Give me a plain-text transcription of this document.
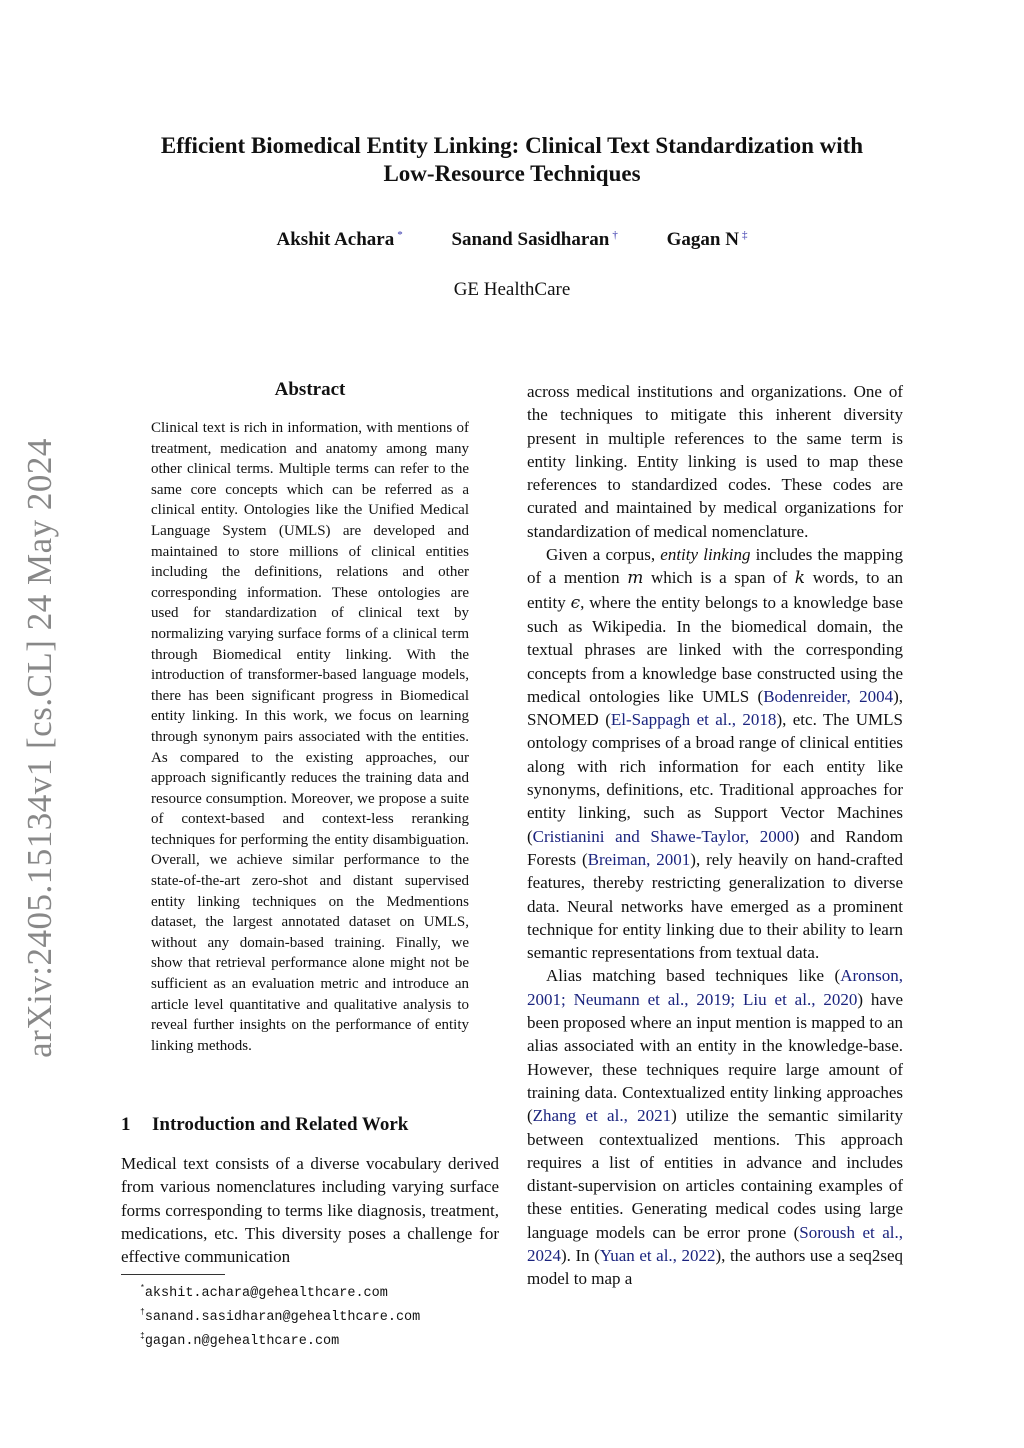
arXiv:2405.15134v1 [cs.CL] 24 May 2024
Efficient Biomedical Entity Linking: Clinical Text Standardization with
Low-Resource Techniques
Akshit Achara *	Sanand Sasidharan †	Gagan N ‡
GE HealthCare
Abstract
Clinical text is rich in information, with mentions of treatment, medication and anatomy among many other clinical terms. Multiple terms can refer to the same core concepts which can be referred as a clinical entity. Ontologies like the Unified Medical Language System (UMLS) are developed and maintained to store millions of clinical entities including the definitions, relations and other corresponding information. These ontologies are used for standardization of clinical text by normalizing varying surface forms of a clinical term through Biomedical entity linking. With the introduction of transformer-based language models, there has been significant progress in Biomedical entity linking. In this work, we focus on learning through synonym pairs associated with the entities. As compared to the existing approaches, our approach significantly reduces the training data and resource consumption. Moreover, we propose a suite of context-based and context-less reranking techniques for performing the entity disambiguation. Overall, we achieve similar performance to the state-of-the-art zero-shot and distant supervised entity linking techniques on the Medmentions dataset, the largest annotated dataset on UMLS, without any domain-based training. Finally, we show that retrieval performance alone might not be sufficient as an evaluation metric and introduce an article level quantitative and qualitative analysis to reveal further insights on the performance of entity linking methods.
1 Introduction and Related Work
Medical text consists of a diverse vocabulary derived from various nomenclatures including varying surface forms corresponding to terms like diagnosis, treatment, medications, etc. This diversity poses a challenge for effective communication
*akshit.achara@gehealthcare.com
†sanand.sasidharan@gehealthcare.com
‡gagan.n@gehealthcare.com

across medical institutions and organizations. One of the techniques to mitigate this inherent diversity present in multiple references to the same term is entity linking. Entity linking is used to map these references to standardized codes. These codes are curated and maintained by medical organizations for standardization of medical nomenclature.

Given a corpus, entity linking includes the mapping of a mention m which is a span of k words, to an entity ϵ, where the entity belongs to a knowledge base such as Wikipedia. In the biomedical domain, the textual phrases are linked with the corresponding concepts from a knowledge base constructed using the medical ontologies like UMLS (Bodenreider, 2004), SNOMED (El-Sappagh et al., 2018), etc. The UMLS ontology comprises of a broad range of clinical entities along with rich information for each entity like synonyms, definitions, etc. Traditional approaches for entity linking, such as Support Vector Machines (Cristianini and Shawe-Taylor, 2000) and Random Forests (Breiman, 2001), rely heavily on hand-crafted features, thereby restricting generalization to diverse data. Neural networks have emerged as a prominent technique for entity linking due to their ability to learn semantic representations from textual data.

Alias matching based techniques like (Aronson, 2001; Neumann et al., 2019; Liu et al., 2020) have been proposed where an input mention is mapped to an alias associated with an entity in the knowledge-base. However, these techniques require large amount of training data. Contextualized entity linking approaches (Zhang et al., 2021) utilize the semantic similarity between contextualized mentions. This approach requires a list of entities in advance and includes distant-supervision on articles containing examples of these entities. Generating medical codes using large language models can be error prone (Soroush et al., 2024). In (Yuan et al., 2022), the authors use a seq2seq model to map a
